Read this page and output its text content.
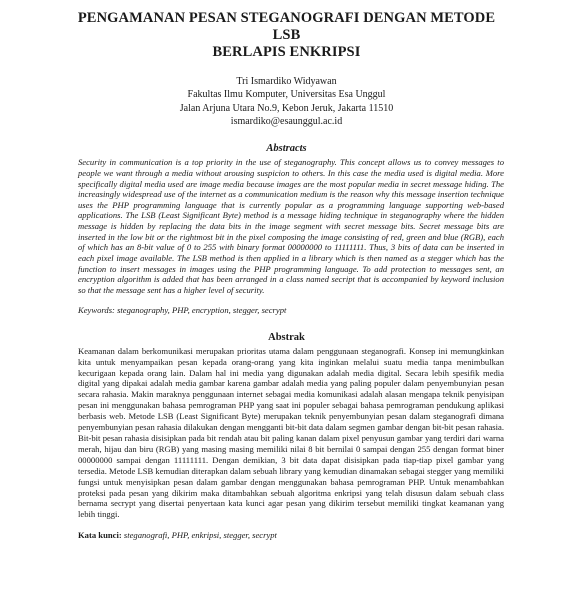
PENGAMANAN PESAN STEGANOGRAFI DENGAN METODE LSB
BERLAPIS ENKRIPSI
Tri Ismardiko Widyawan
Fakultas Ilmu Komputer, Universitas Esa Unggul
Jalan Arjuna Utara No.9, Kebon Jeruk, Jakarta 11510
ismardiko@esaunggul.ac.id
Abstracts
Security in communication is a top priority in the use of steganography. This concept allows us to convey messages to people we want through a media without arousing suspicion to others. In this case the media used is digital media. More specifically digital media used are image media because images are the most popular media in secret message hiding. The increasingly widespread use of the internet as a communication medium is the reason why this message insertion technique uses the PHP programming language that is currently popular as a programming language supporting web-based applications. The LSB (Least Significant Byte) method is a message hiding technique in steganography where the hidden message is hidden by replacing the data bits in the image segment with secret message bits. Secret message bits are inserted in the low bit or the rightmost bit in the pixel composing the image consisting of red, green and blue (RGB), each of which has an 8-bit value of 0 to 255 with binary format 00000000 to 11111111. Thus, 3 bits of data can be inserted in each pixel image available. The LSB method is then applied in a library which is then named as a stegger which has the function to insert messages in images using the PHP programming language. To add protection to messages sent, an encryption algorithm is added that has been arranged in a class named secript that is accompanied by keyword inclusion so that the message sent has a higher level of security.
Keywords: steganography, PHP, encryption, stegger, secrypt
Abstrak
Keamanan dalam berkomunikasi merupakan prioritas utama dalam penggunaan steganografi. Konsep ini memungkinkan kita untuk menyampaikan pesan kepada orang-orang yang kita inginkan melalui suatu media tanpa menimbulkan kecurigaan kepada orang lain. Dalam hal ini media yang digunakan adalah media digital. Secara lebih spesifik media digital yang dipakai adalah media gambar karena gambar adalah media yang paling populer dalam penyembunyian pesan secara rahasia. Makin maraknya penggunaan internet sebagai media komunikasi adalah alasan mengapa teknik penyisipan pesan ini menggunakan bahasa pemrograman PHP yang saat ini populer sebagai bahasa pemrograman pendukung aplikasi berbasis web. Metode LSB (Least Significant Byte) merupakan teknik penyembunyian pesan dalam steganografi dimana penyembunyian pesan rahasia dilakukan dengan mengganti bit-bit data dalam segmen gambar dengan bit-bit pesan rahasia. Bit-bit pesan rahasia disisipkan pada bit rendah atau bit paling kanan dalam pixel penyusun gambar yang terdiri dari warna merah, hijau dan biru (RGB) yang masing masing memiliki nilai 8 bit bernilai 0 sampai dengan 255 dengan format biner 00000000 sampai dengan 11111111. Dengan demikian, 3 bit data dapat disisipkan pada tiap-tiap pixel gambar yang tersedia. Metode LSB kemudian diterapkan dalam sebuah library yang kemudian dinamakan sebagai stegger yang memiliki fungsi untuk menyisipkan pesan dalam gambar dengan menggunakan bahasa pemrograman PHP. Untuk menambahkan proteksi pada pesan yang dikirim maka ditambahkan sebuah algoritma enkripsi yang telah disusun dalam sebuah class bernama secrypt yang disertai penyertaan kata kunci agar pesan yang dikirim tersebut memiliki tingkat keamanan yang lebih tinggi.
Kata kunci: steganografi, PHP, enkripsi, stegger, secrypt
